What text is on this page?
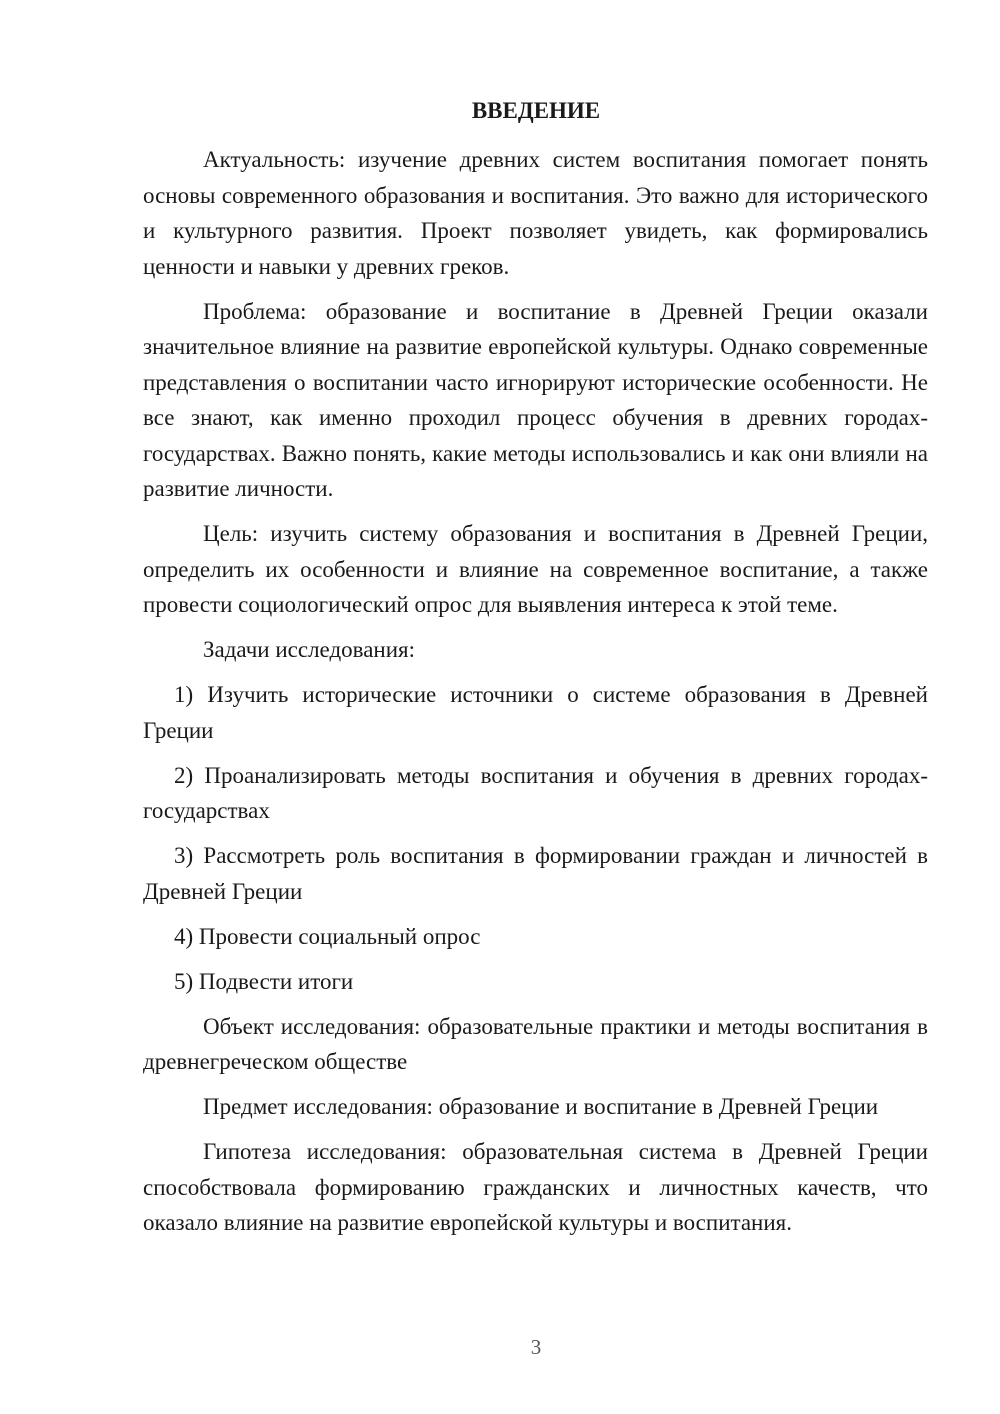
ВВЕДЕНИЕ

Актуальность: изучение древних систем воспитания помогает понять основы современного образования и воспитания. Это важно для исторического и культурного развития. Проект позволяет увидеть, как формировались ценности и навыки у древних греков.

Проблема: образование и воспитание в Древней Греции оказали значительное влияние на развитие европейской культуры. Однако современные представления о воспитании часто игнорируют исторические особенности. Не все знают, как именно проходил процесс обучения в древних городах-государствах. Важно понять, какие методы использовались и как они влияли на развитие личности.

Цель: изучить систему образования и воспитания в Древней Греции, определить их особенности и влияние на современное воспитание, а также провести социологический опрос для выявления интереса к этой теме.

Задачи исследования:

1) Изучить исторические источники о системе образования в Древней Греции

2) Проанализировать методы воспитания и обучения в древних городах-государствах

3) Рассмотреть роль воспитания в формировании граждан и личностей в Древней Греции

4) Провести социальный опрос

5) Подвести итоги

Объект исследования: образовательные практики и методы воспитания в древнегреческом обществе

Предмет исследования: образование и воспитание в Древней Греции

Гипотеза исследования: образовательная система в Древней Греции способствовала формированию гражданских и личностных качеств, что оказало влияние на развитие европейской культуры и воспитания.

3
